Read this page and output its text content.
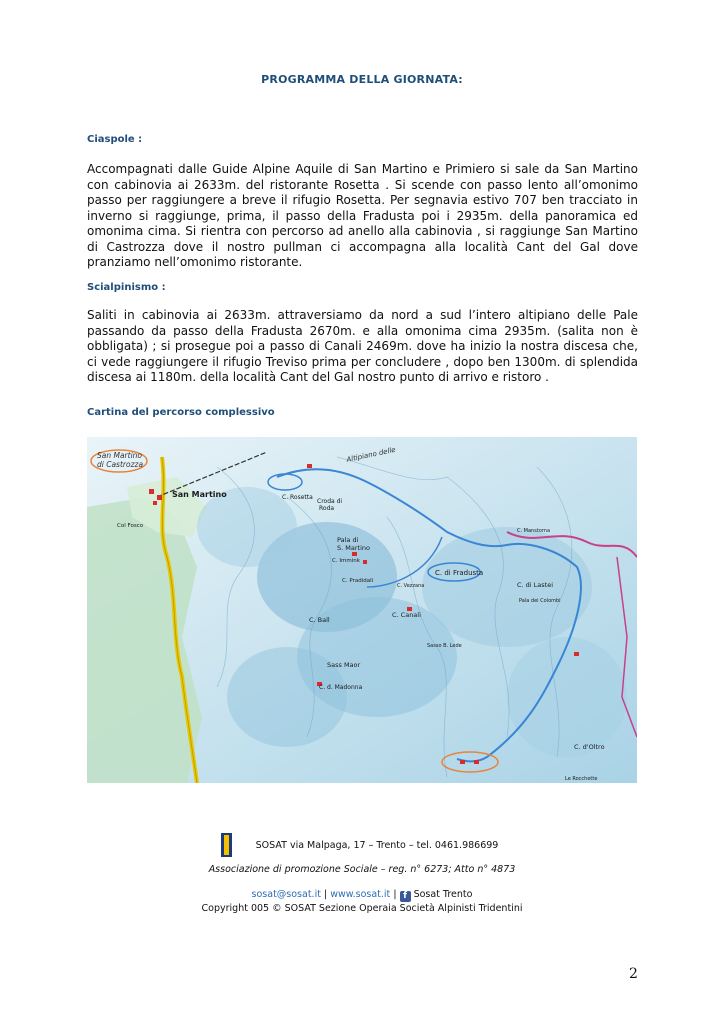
PROGRAMMA DELLA GIORNATA:
Ciaspole :

Accompagnati dalle Guide Alpine Aquile di San Martino e Primiero si sale da San Martino con cabinovia ai 2633m. del ristorante Rosetta . Si scende con passo lento all’omonimo passo per raggiungere a breve il rifugio Rosetta. Per segnavia estivo 707 ben tracciato in inverno si raggiunge, prima, il passo della Fradusta poi i 2935m. della panoramica ed omonima cima. Si rientra con percorso ad anello alla cabinovia , si raggiunge San Martino di Castrozza dove il nostro pullman ci accompagna alla località Cant del Gal dove pranziamo nell’omonimo ristorante.

Scialpinismo :

Saliti in cabinovia ai 2633m. attraversiamo da nord a sud l’intero altipiano delle Pale passando da passo della Fradusta 2670m. e alla omonima cima 2935m. (salita non è obbligata) ; si prosegue poi a passo di Canali 2469m. dove ha inizio la nostra discesa che, ci vede raggiungere il rifugio Treviso prima per concludere , dopo ben 1300m. di splendida discesa ai 1180m. della località Cant del Gal nostro punto di arrivo e ristoro .

Cartina del percorso complessivo
San Martino
di Castrozza
San Martino
Altipiano delle
C. Rosetta
Croda di
Roda
Pala di
S. Martino
C. Immink
C. Pradidali
C. di Fradusta
C. di Lastei
Pala dei Colombi
C. Manstorna
C. Vezzana
C. Canali
C. Ball
Sasso B. Lede
Sass Maor
C. d. Madonna
Col Fosco
C. d'Oltro
Le Rocchette
SOSAT via Malpaga, 17 – Trento – tel. 0461.986699
Associazione di promozione Sociale – reg. n° 6273; Atto n° 4873
sosat@sosat.it | www.sosat.it | f Sosat Trento
Copyright 005 © SOSAT Sezione Operaia Società Alpinisti Tridentini
2
